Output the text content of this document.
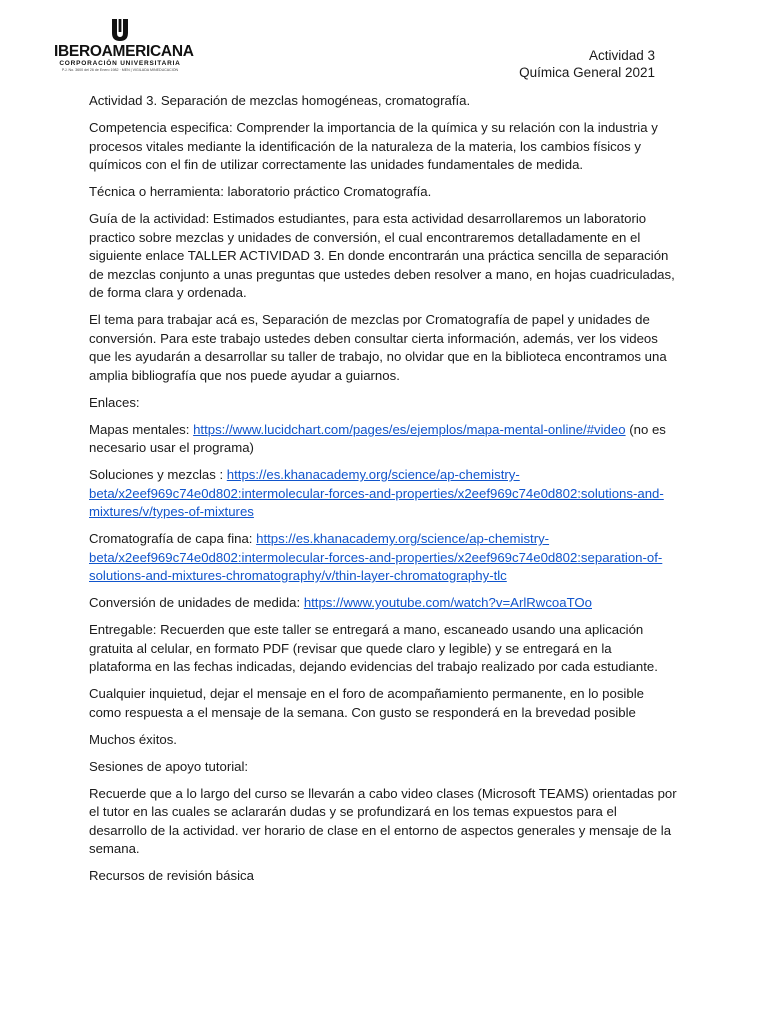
IBEROAMERICANA
CORPORACIÓN UNIVERSITARIA
P.J. No. 3600 del 26 de Enero 1982 · MEN | VIGILADA MINEDUCACIÓN
Actividad 3
Química General 2021

Actividad 3. Separación de mezclas homogéneas, cromatografía.

Competencia especifica: Comprender la importancia de la química y su relación con la industria y procesos vitales mediante la identificación de la naturaleza de la materia, los cambios físicos y químicos con el fin de utilizar correctamente las unidades fundamentales de medida.

Técnica o herramienta: laboratorio práctico Cromatografía.

Guía de la actividad: Estimados estudiantes, para esta actividad desarrollaremos un laboratorio practico sobre mezclas y unidades de conversión, el cual encontraremos detalladamente en el siguiente enlace TALLER ACTIVIDAD 3. En donde encontrarán una práctica sencilla de separación de mezclas conjunto a unas preguntas que ustedes deben resolver a mano, en hojas cuadriculadas, de forma clara y ordenada.

El tema para trabajar acá es, Separación de mezclas por Cromatografía de papel y unidades de conversión. Para este trabajo ustedes deben consultar cierta información, además, ver los videos que les ayudarán a desarrollar su taller de trabajo, no olvidar que en la biblioteca encontramos una amplia bibliografía que nos puede ayudar a guiarnos.

Enlaces:

Mapas mentales: https://www.lucidchart.com/pages/es/ejemplos/mapa-mental-online/#video (no es necesario usar el programa)

Soluciones y mezclas : https://es.khanacademy.org/science/ap-chemistry-beta/x2eef969c74e0d802:intermolecular-forces-and-properties/x2eef969c74e0d802:solutions-and-mixtures/v/types-of-mixtures

Cromatografía de capa fina: https://es.khanacademy.org/science/ap-chemistry-beta/x2eef969c74e0d802:intermolecular-forces-and-properties/x2eef969c74e0d802:separation-of-solutions-and-mixtures-chromatography/v/thin-layer-chromatography-tlc

Conversión de unidades de medida: https://www.youtube.com/watch?v=ArlRwcoaTOo

Entregable: Recuerden que este taller se entregará a mano, escaneado usando una aplicación gratuita al celular, en formato PDF (revisar que quede claro y legible) y se entregará en la plataforma en las fechas indicadas, dejando evidencias del trabajo realizado por cada estudiante.

Cualquier inquietud, dejar el mensaje en el foro de acompañamiento permanente, en lo posible como respuesta a el mensaje de la semana. Con gusto se responderá en la brevedad posible

Muchos éxitos.

Sesiones de apoyo tutorial:

Recuerde que a lo largo del curso se llevarán a cabo video clases (Microsoft TEAMS) orientadas por el tutor en las cuales se aclararán dudas y se profundizará en los temas expuestos para el desarrollo de la actividad. ver horario de clase en el entorno de aspectos generales y mensaje de la semana.

Recursos de revisión básica
